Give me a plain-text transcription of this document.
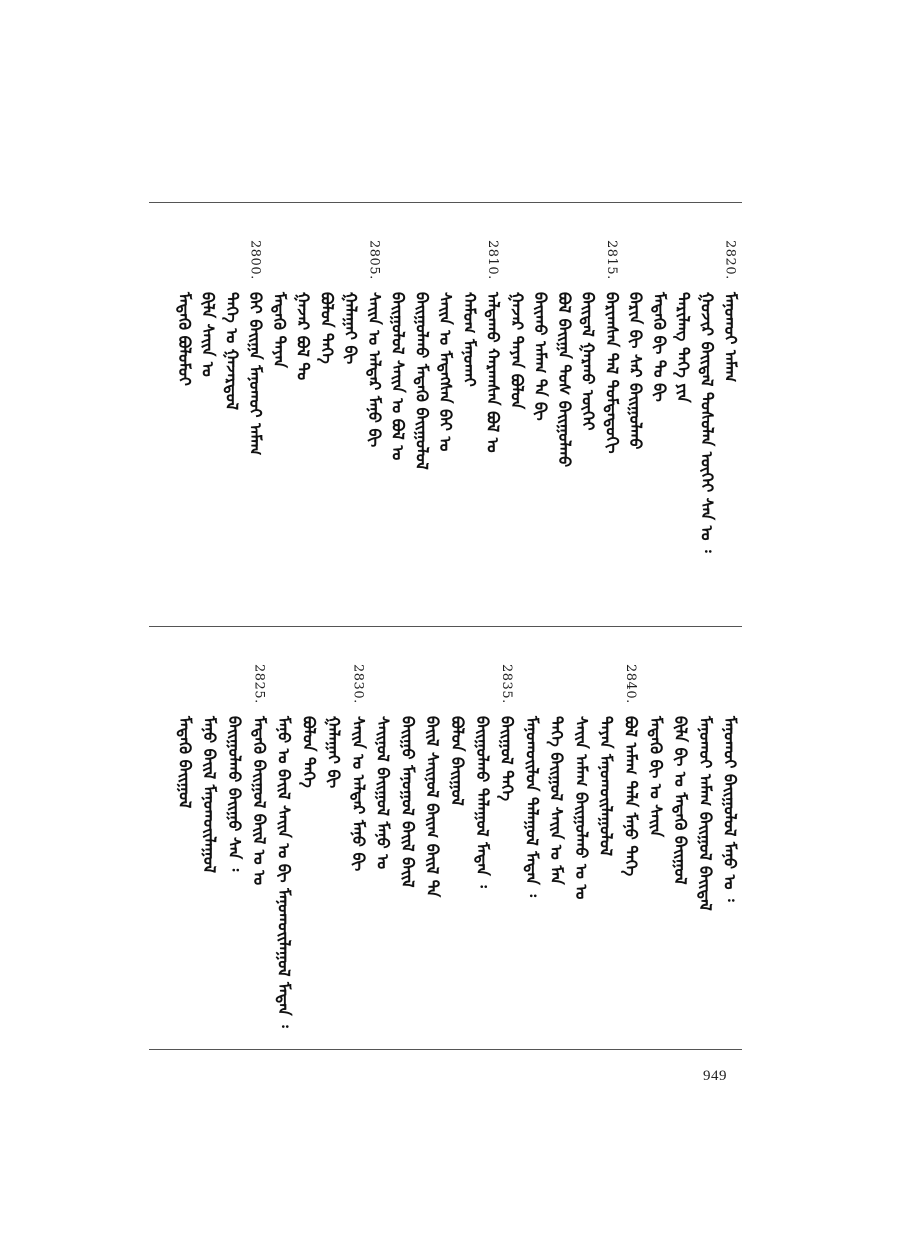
2820.
ᠮᠠᠨᠤᠬᠤᠢ ᠠᠮᠠᠭ
ᠭᠤᠵᠢᠷ ᠪᠠᠢᠳᠠᠯ ᠲᠤᠰᠤᠯᠠᠨ ᠦᠭᠡᠢ ᠰᠠᠨ ᠤ ᠄
ᠲᠠᠷᠢᠯᠠᠩ ᠲᠡᠭᠡ ᠶᠢᠨ
ᠮᠡᠳᠡᠬᠦ ᠪᠢ ᠲᠤ ᠪᠢ
ᠪᠠᠷᠢᠨ ᠪᠢ ᠰᠡᠷ ᠪᠠᠢᠭᠤᠯᠬᠤ
2815.
ᠪᠠᠷᠢᠭᠰᠠᠨ ᠲᠠᠯ ᠳᠤᠮᠳᠠᠳᠤᠬᠢ
ᠪᠠᠢᠳᠠᠯ ᠭᠠᠷᠬᠤ ᠦᠭᠡᠢ
ᠪᠤᠯ ᠪᠠᠢᠭᠠ ᠲᠤᠰ ᠪᠠᠢᠭᠤᠯᠬᠤ
ᠪᠠᠢᠬᠤ ᠠᠮᠠᠭ ᠲᠠ ᠪᠢ
ᠭᠠᠵᠠᠷ ᠳᠠᠶᠠᠨ ᠪᠤᠯᠤᠨ
2810.
ᠠᠯᠳᠠᠬᠤ ᠬᠠᠷᠠᠭᠰᠠᠨ ᠪᠤᠯ ᠤ
ᠬᠠᠮᠤᠭ ᠮᠠᠨᠤᠬᠠᠢ
ᠰᠠᠢᠨ ᠤ ᠮᠡᠳᠡᠭᠰᠡᠨ ᠪᠠᠢ ᠤ
ᠪᠠᠢᠭᠤᠯᠬᠤ ᠮᠡᠳᠡᠬᠦ ᠪᠠᠢᠭᠤᠯᠤᠯ
ᠪᠠᠢᠭᠤᠯᠤᠯ ᠰᠠᠢᠨ ᠤ ᠪᠤᠯ ᠤ
2805.
ᠰᠠᠢᠨ ᠤ ᠠᠯᠳᠠᠷ ᠮᠠᠨᠤ ᠪᠢ
ᠭᠠᠯᠠᠭᠠᠢ ᠪᠢ
ᠪᠤᠯᠤᠨ ᠲᠡᠭᠡ
ᠭᠠᠵᠠᠷ ᠪᠤᠯ ᠲᠤ
ᠮᠡᠳᠡᠬᠦ ᠲᠠᠶᠠᠨ
2800.
ᠪᠠᠢ ᠪᠠᠢᠭᠠ ᠮᠠᠨᠤᠬᠤᠢ ᠠᠮᠠᠭ
ᠲᠡᠭᠡ ᠤ ᠭᠠᠵᠠᠷᠳᠤᠯ
ᠪᠢᠯᠡ ᠰᠠᠢᠨ ᠤ
ᠮᠡᠳᠡᠬᠦ ᠪᠤᠯᠤᠮᠤᠢ
ᠮᠠᠨᠤᠬᠤᠢ ᠪᠠᠢᠭᠤᠯᠤᠯ ᠮᠠᠨᠤ ᠤ ᠄
ᠮᠠᠨᠤᠬᠤᠢ ᠠᠮᠠᠭ ᠪᠠᠢᠭᠤᠯ ᠪᠠᠢᠳᠠᠯ
ᠪᠢᠯᠡ ᠪᠢ ᠤ ᠮᠡᠳᠡᠬᠦ ᠪᠠᠢᠭᠤᠯ
ᠮᠡᠳᠡᠬᠦ ᠪᠢ ᠤ ᠰᠠᠢᠨ
2840.
ᠪᠤᠯ ᠠᠮᠠᠭ ᠲᠠᠯᠠ ᠮᠠᠨᠤ ᠲᠡᠭᠡ
ᠲᠠᠶᠠᠨ ᠮᠠᠨᠤᠬᠤᠢᠯᠠᠭᠤᠯᠤᠯ
ᠰᠠᠢᠨ ᠠᠮᠠᠭ ᠪᠠᠢᠭᠤᠯᠬᠤ ᠤ ᠤ
ᠲᠡᠭᠡ ᠪᠠᠢᠭᠤᠯ ᠰᠠᠢᠨ ᠤ ᠮᠠᠨ
ᠮᠠᠨᠤᠬᠤᠢᠯᠤᠨ ᠲᠠᠯᠠᠭᠤᠯ ᠮᠡᠳᠡᠨ ᠄
2835.
ᠪᠠᠢᠭᠤᠯ ᠲᠡᠭᠡ
ᠪᠠᠢᠭᠤᠯᠬᠤ ᠲᠠᠯᠠᠭᠤᠯ ᠮᠡᠳᠡᠨ ᠄
ᠪᠤᠯᠤᠨ ᠪᠠᠢᠭᠤᠯ
ᠪᠠᠢᠯ ᠰᠠᠢᠨᠤᠯ ᠪᠠᠢᠭ ᠪᠠᠢᠯ ᠲᠡ
ᠪᠠᠢᠭᠤ ᠮᠠᠨᠤᠭᠤᠯ ᠪᠠᠢᠯ ᠪᠠᠢᠯ
ᠰᠠᠢᠨᠤᠯ ᠪᠠᠢᠭᠤᠯ ᠮᠠᠨᠤ ᠤ
2830.
ᠰᠠᠢᠨ ᠤ ᠠᠯᠳᠠᠷ ᠮᠠᠨᠤ ᠪᠢ
ᠭᠠᠯᠠᠭᠠᠢ ᠪᠢ
ᠪᠤᠯᠤᠨ ᠲᠡᠭᠡ
ᠮᠠᠨᠤ ᠤ ᠪᠠᠢᠯ ᠰᠠᠢᠨ ᠤ ᠪᠢ ᠮᠠᠨᠤᠬᠤᠢᠯᠠᠭᠤᠯ ᠮᠡᠳᠡᠨ ᠄
2825.
ᠮᠡᠳᠡᠬᠦ ᠪᠠᠢᠭᠤᠯ ᠪᠠᠢᠯ ᠤ ᠤ
ᠪᠠᠢᠭᠤᠯᠬᠤ ᠪᠠᠢᠭᠤ ᠰᠠᠨ ᠄
ᠮᠠᠨᠤ ᠪᠠᠢᠯ ᠮᠠᠨᠤᠬᠤᠢᠯᠠᠭᠤᠯ
ᠮᠡᠳᠡᠬᠦ ᠪᠠᠢᠭᠤᠯ
949
